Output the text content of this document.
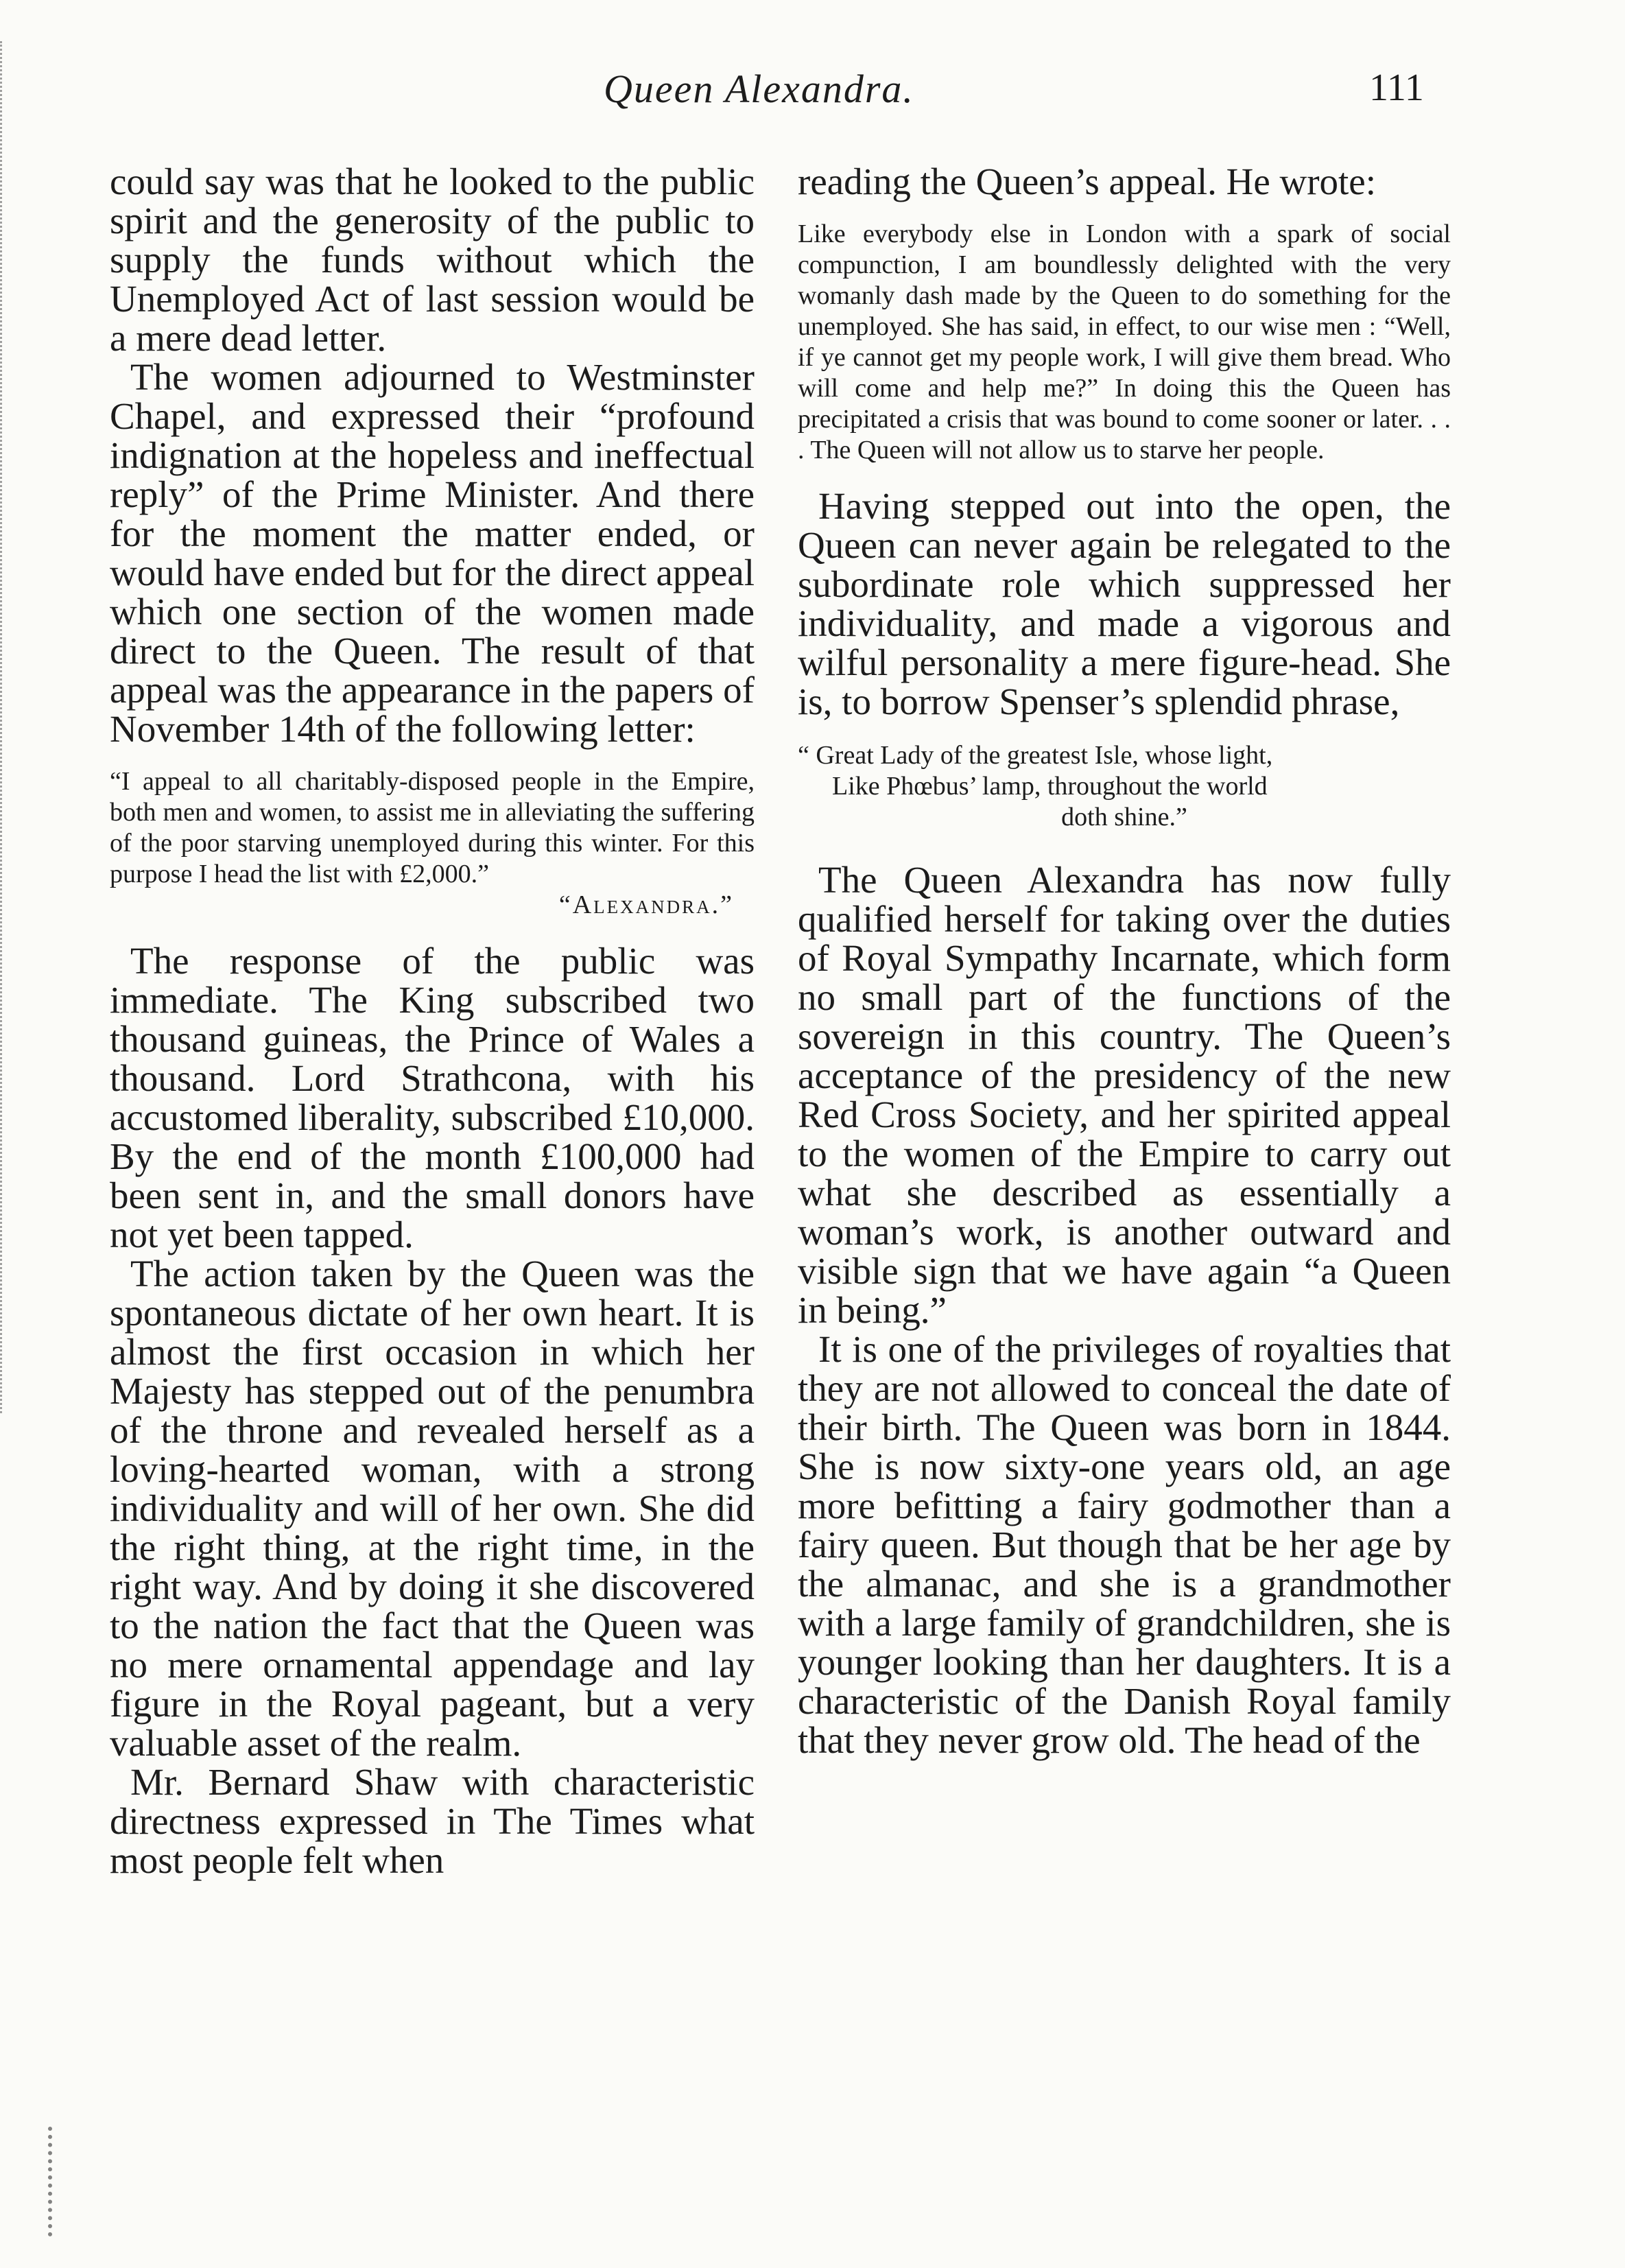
Queen Alexandra.	111

could say was that he looked to the public spirit and the generosity of the public to supply the funds without which the Unemployed Act of last session would be a mere dead letter.

The women adjourned to Westminster Chapel, and expressed their “profound indignation at the hopeless and ineffectual reply” of the Prime Minister. And there for the moment the matter ended, or would have ended but for the direct appeal which one section of the women made direct to the Queen. The result of that appeal was the appearance in the papers of November 14th of the following letter:

“I appeal to all charitably-disposed people in the Empire, both men and women, to assist me in alleviating the suffering of the poor starving unemployed during this winter. For this purpose I head the list with £2,000.”
“Alexandra.”

The response of the public was immediate. The King subscribed two thousand guineas, the Prince of Wales a thousand. Lord Strathcona, with his accustomed liberality, subscribed £10,000. By the end of the month £100,000 had been sent in, and the small donors have not yet been tapped.

The action taken by the Queen was the spontaneous dictate of her own heart. It is almost the first occasion in which her Majesty has stepped out of the penumbra of the throne and revealed herself as a loving-hearted woman, with a strong individuality and will of her own. She did the right thing, at the right time, in the right way. And by doing it she discovered to the nation the fact that the Queen was no mere ornamental appendage and lay figure in the Royal pageant, but a very valuable asset of the realm.

Mr. Bernard Shaw with characteristic directness expressed in The Times what most people felt when

reading the Queen’s appeal. He wrote:

Like everybody else in London with a spark of social compunction, I am boundlessly delighted with the very womanly dash made by the Queen to do something for the unemployed. She has said, in effect, to our wise men : “Well, if ye cannot get my people work, I will give them bread. Who will come and help me?” In doing this the Queen has precipitated a crisis that was bound to come sooner or later. . . . The Queen will not allow us to starve her people.

Having stepped out into the open, the Queen can never again be relegated to the subordinate role which suppressed her individuality, and made a vigorous and wilful personality a mere figure-head. She is, to borrow Spenser’s splendid phrase,

“ Great Lady of the greatest Isle, whose light,
Like Phœbus’ lamp, throughout the world
doth shine.”

The Queen Alexandra has now fully qualified herself for taking over the duties of Royal Sympathy Incarnate, which form no small part of the functions of the sovereign in this country. The Queen’s acceptance of the presidency of the new Red Cross Society, and her spirited appeal to the women of the Empire to carry out what she described as essentially a woman’s work, is another outward and visible sign that we have again “a Queen in being.”

It is one of the privileges of royalties that they are not allowed to conceal the date of their birth. The Queen was born in 1844. She is now sixty-one years old, an age more befitting a fairy godmother than a fairy queen. But though that be her age by the almanac, and she is a grandmother with a large family of grandchildren, she is younger looking than her daughters. It is a characteristic of the Danish Royal family that they never grow old. The head of the
